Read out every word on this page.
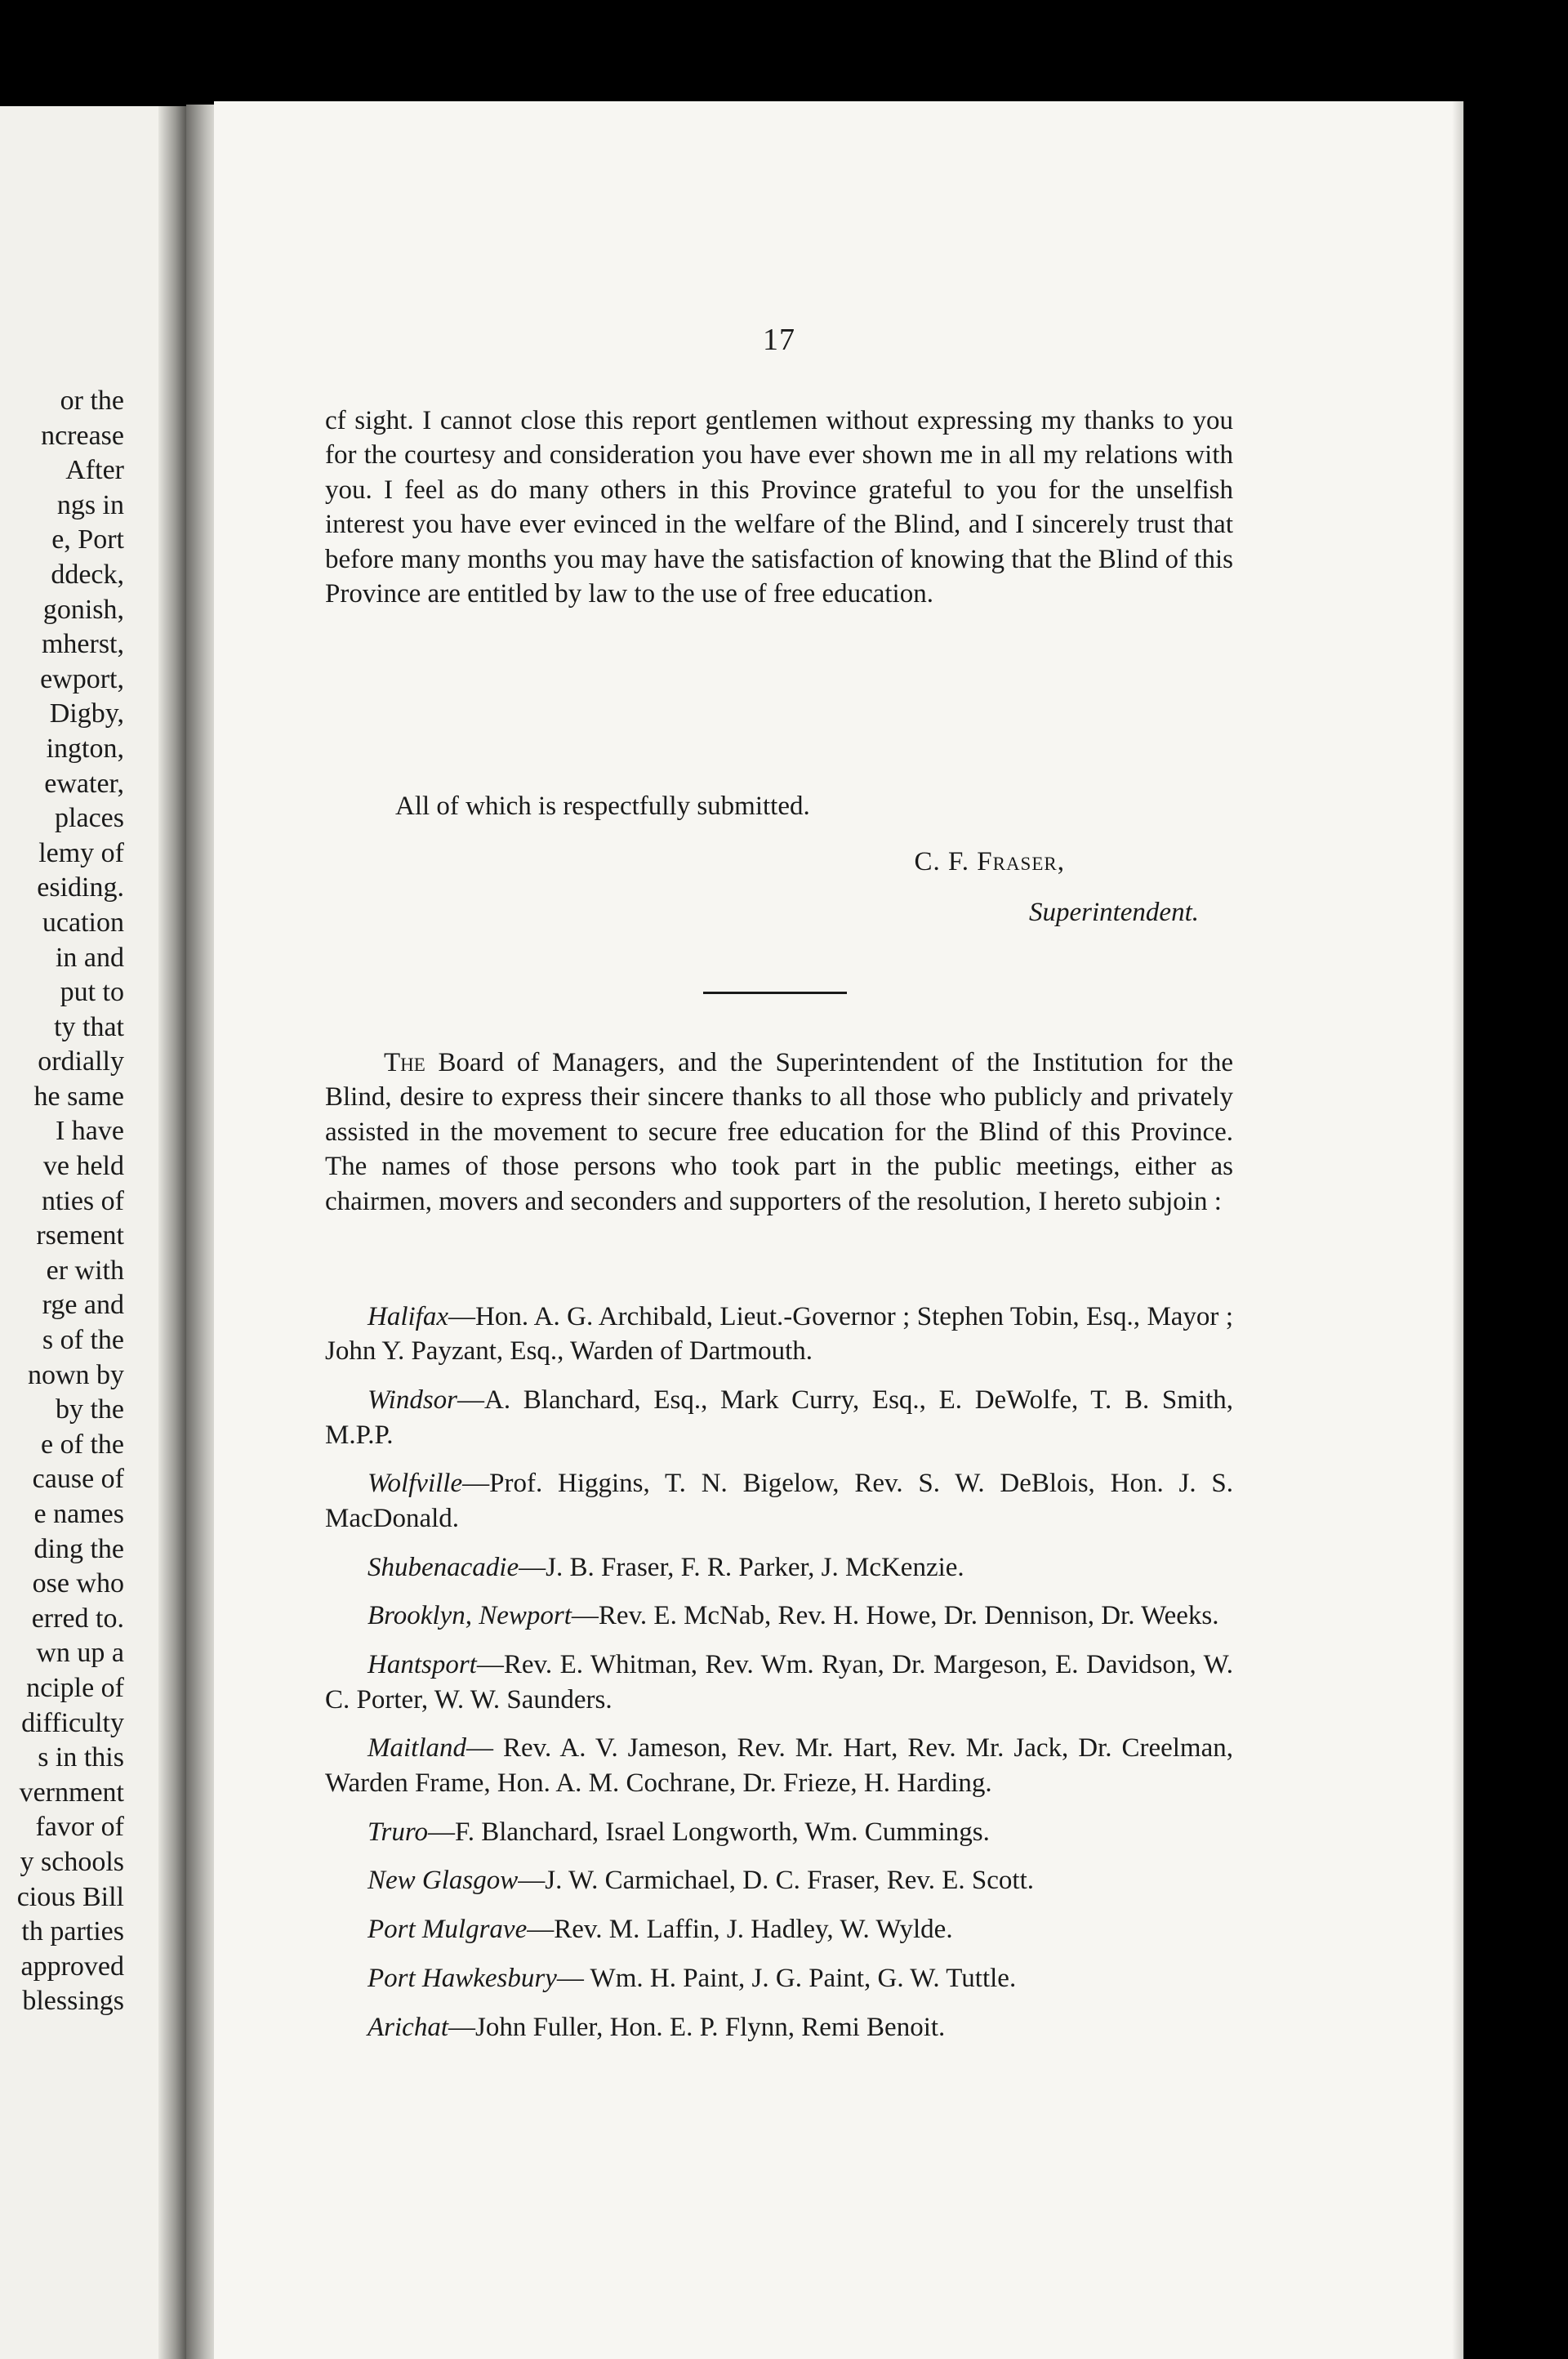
or the
ncrease
After
ngs in
e, Port
ddeck,
gonish,
mherst,
ewport,
Digby,
ington,
ewater,
places
lemy of
esiding.
ucation
in and
put to
ty that
ordially
he same
I have
ve held
nties of
rsement
er with
rge and
s of the
nown by
by the
e of the
cause of
e names
ding the
ose who
erred to.
wn up a
nciple of
difficulty
s in this
vernment
favor of
y schools
cious Bill
th parties
approved
blessings
17
cf sight. I cannot close this report gentlemen without expressing my thanks to you for the courtesy and consideration you have ever shown me in all my relations with you. I feel as do many others in this Province grateful to you for the unselfish interest you have ever evinced in the welfare of the Blind, and I sincerely trust that before many months you may have the satisfaction of knowing that the Blind of this Province are entitled by law to the use of free education.
All of which is respectfully submitted.
C. F. Fraser,
Superintendent.
The Board of Managers, and the Superintendent of the Institution for the Blind, desire to express their sincere thanks to all those who publicly and privately assisted in the movement to secure free education for the Blind of this Province. The names of those persons who took part in the public meetings, either as chairmen, movers and seconders and supporters of the resolution, I hereto subjoin :
Halifax—Hon. A. G. Archibald, Lieut.-Governor ; Stephen Tobin, Esq., Mayor ; John Y. Payzant, Esq., Warden of Dartmouth.
Windsor—A. Blanchard, Esq., Mark Curry, Esq., E. DeWolfe, T. B. Smith, M.P.P.
Wolfville—Prof. Higgins, T. N. Bigelow, Rev. S. W. DeBlois, Hon. J. S. MacDonald.
Shubenacadie—J. B. Fraser, F. R. Parker, J. McKenzie.
Brooklyn, Newport—Rev. E. McNab, Rev. H. Howe, Dr. Dennison, Dr. Weeks.
Hantsport—Rev. E. Whitman, Rev. Wm. Ryan, Dr. Margeson, E. Davidson, W. C. Porter, W. W. Saunders.
Maitland— Rev. A. V. Jameson, Rev. Mr. Hart, Rev. Mr. Jack, Dr. Creelman, Warden Frame, Hon. A. M. Cochrane, Dr. Frieze, H. Harding.
Truro—F. Blanchard, Israel Longworth, Wm. Cummings.
New Glasgow—J. W. Carmichael, D. C. Fraser, Rev. E. Scott.
Port Mulgrave—Rev. M. Laffin, J. Hadley, W. Wylde.
Port Hawkesbury— Wm. H. Paint, J. G. Paint, G. W. Tuttle.
Arichat—John Fuller, Hon. E. P. Flynn, Remi Benoit.
